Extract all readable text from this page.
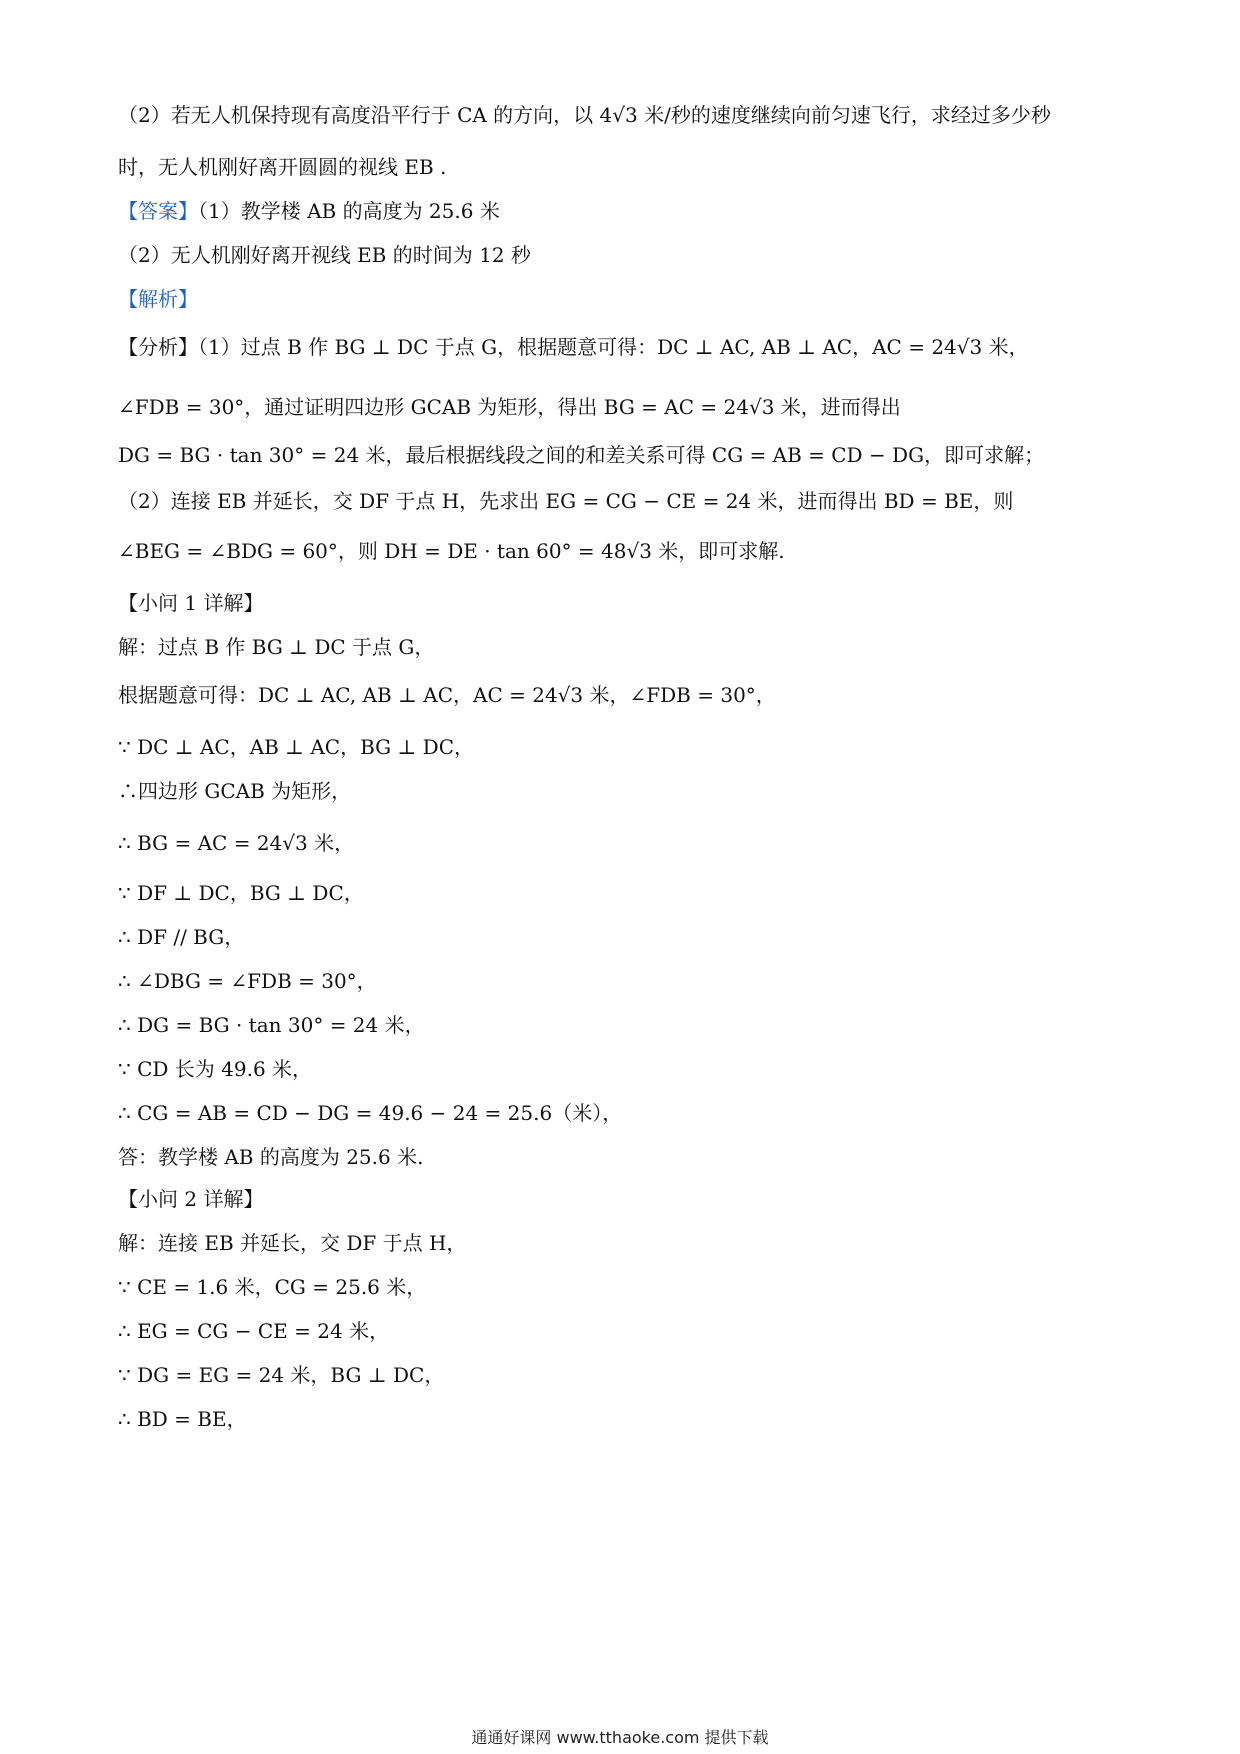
（2）若无人机保持现有高度沿平行于 CA 的方向，以 4√3 米/秒的速度继续向前匀速飞行，求经过多少秒
时，无人机刚好离开圆圆的视线 EB .
【答案】（1）教学楼 AB 的高度为 25.6 米
（2）无人机刚好离开视线 EB 的时间为 12 秒
【解析】
【分析】（1）过点 B 作 BG ⊥ DC 于点 G，根据题意可得：DC ⊥ AC, AB ⊥ AC，AC = 24√3 米，
∠FDB = 30°，通过证明四边形 GCAB 为矩形，得出 BG = AC = 24√3 米，进而得出
DG = BG · tan 30° = 24 米，最后根据线段之间的和差关系可得 CG = AB = CD − DG，即可求解；
（2）连接 EB 并延长，交 DF 于点 H，先求出 EG = CG − CE = 24 米，进而得出 BD = BE，则
∠BEG = ∠BDG = 60°，则 DH = DE · tan 60° = 48√3 米，即可求解.
【小问 1 详解】
解：过点 B 作 BG ⊥ DC 于点 G，
根据题意可得：DC ⊥ AC, AB ⊥ AC，AC = 24√3 米，∠FDB = 30°，
∵ DC ⊥ AC，AB ⊥ AC，BG ⊥ DC，
∴四边形 GCAB 为矩形，
∴ BG = AC = 24√3 米，
∵ DF ⊥ DC，BG ⊥ DC，
∴ DF // BG，
∴ ∠DBG = ∠FDB = 30°，
∴ DG = BG · tan 30° = 24 米，
∵ CD 长为 49.6 米，
∴ CG = AB = CD − DG = 49.6 − 24 = 25.6（米），
答：教学楼 AB 的高度为 25.6 米.
【小问 2 详解】
解：连接 EB 并延长，交 DF 于点 H，
∵ CE = 1.6 米，CG = 25.6 米，
∴ EG = CG − CE = 24 米，
∵ DG = EG = 24 米，BG ⊥ DC，
∴ BD = BE，
通通好课网 www.tthaoke.com 提供下载
